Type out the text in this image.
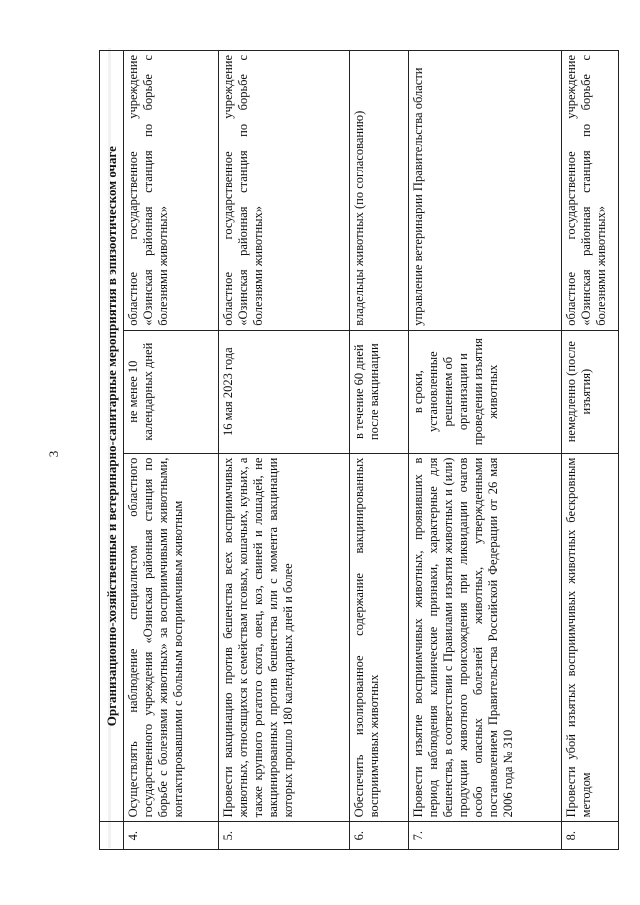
3
		Организационно-хозяйственные и ветеринарно-санитарные мероприятия в эпизоотическом очаге		
4.	Осуществлять наблюдение специалистом областного государственного учреждения «Озинская районная станция по борьбе с болезнями животных» за восприимчивыми животными, контактировавшими с больным восприимчивым животным	не менее 10 календарных дней	областное государственное учреждение «Озинская районная станция по борьбе с болезнями животных»
5.	Провести вакцинацию против бешенства всех восприимчивых животных, относящихся к семействам псовых, кошачьих, куньих, а также крупного рогатого скота, овец, коз, свиней и лошадей, не вакцинированных против бешенства или с момента вакцинации которых прошло 180 календарных дней и более	16 мая 2023 года	областное государственное учреждение «Озинская районная станция по борьбе с болезнями животных»
6.	Обеспечить изолированное содержание вакцинированных восприимчивых животных	в течение 60 дней после вакцинации	владельцы животных (по согласованию)
7.	Провести изъятие восприимчивых животных, проявивших в период наблюдения клинические признаки, характерные для бешенства, в соответствии с Правилами изъятия животных и (или) продукции животного происхождения при ликвидации очагов особо опасных болезней животных, утвержденными постановлением Правительства Российской Федерации от 26 мая 2006 года № 310	в сроки, установленные решением об организации и проведении изъятия животных	управление ветеринарии Правительства области
8.	Провести убой изъятых восприимчивых животных бескровным методом	немедленно (после изъятия)	областное государственное учреждение «Озинская районная станция по борьбе с болезнями животных»
